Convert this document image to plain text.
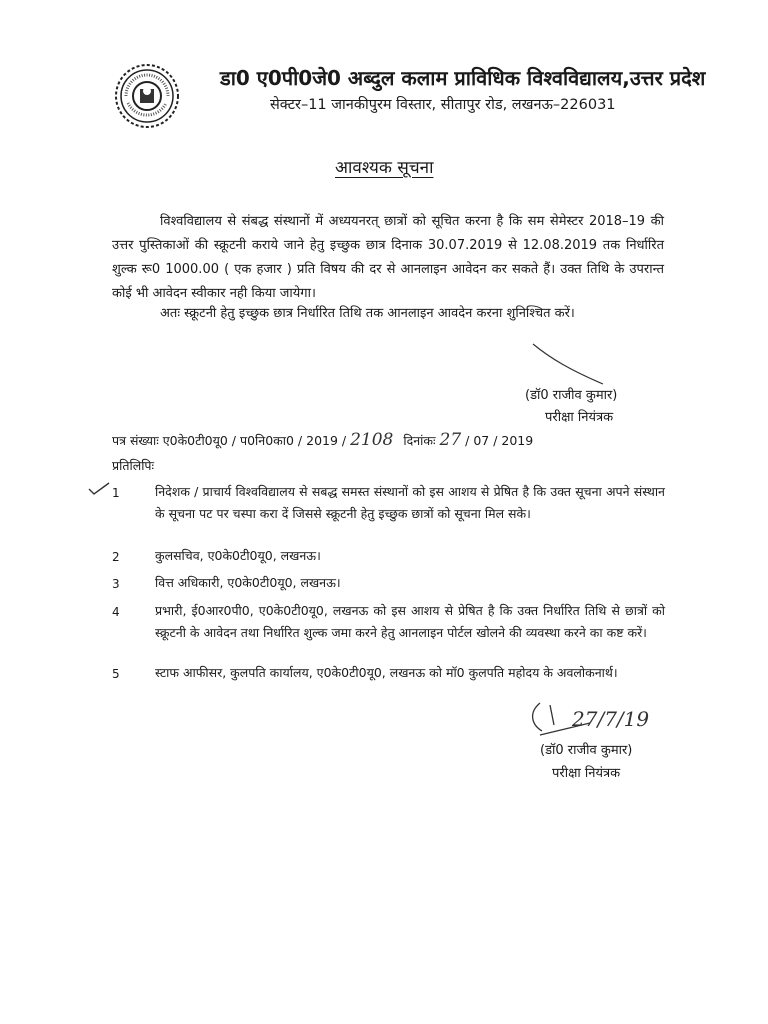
डा0 ए0पी0जे0 अब्दुल कलाम प्राविधिक विश्वविद्यालय,उत्तर प्रदेश
सेक्टर–11 जानकीपुरम विस्तार, सीतापुर रोड, लखनऊ–226031
आवश्यक सूचना
विश्वविद्यालय से संबद्ध संस्थानों में अध्ययनरत् छात्रों को सूचित करना है कि सम सेमेस्टर 2018–19 की उत्तर पुस्तिकाओं की स्क्रूटनी कराये जाने हेतु इच्छुक छात्र दिनाक 30.07.2019 से 12.08.2019 तक निर्धारित शुल्क रू0 1000.00 ( एक हजार ) प्रति विषय की दर से आनलाइन आवेदन कर सकते हैं। उक्त तिथि के उपरान्त कोई भी आवेदन स्वीकार नही किया जायेगा।
अतः स्क्रूटनी हेतु इच्छुक छात्र निर्धारित तिथि तक आनलाइन आवदेन करना शुनिश्चित करें।
(डॉ0 राजीव कुमार)
परीक्षा नियंत्रक
पत्र संख्याः ए0के0टी0यू0 / प0नि0का0 / 2019 / 2108 दिनांकः 27 / 07 / 2019
प्रतिलिपिः
1	निदेशक / प्राचार्य विश्वविद्यालय से सबद्ध समस्त संस्थानों को इस आशय से प्रेषित है कि उक्त सूचना अपने संस्थान के सूचना पट पर चस्पा करा दें जिससे स्क्रूटनी हेतु इच्छुक छात्रों को सूचना मिल सके।
2	कुलसचिव, ए0के0टी0यू0, लखनऊ।
3	वित्त अधिकारी, ए0के0टी0यू0, लखनऊ।
4	प्रभारी, ई0आर0पी0, ए0के0टी0यू0, लखनऊ को इस आशय से प्रेषित है कि उक्त निर्धारित तिथि से छात्रों को स्क्रूटनी के आवेदन तथा निर्धारित शुल्क जमा करने हेतु आनलाइन पोर्टल खोलने की व्यवस्था करने का कष्ट करें।
5	स्टाफ आफीसर, कुलपति कार्यालय, ए0के0टी0यू0, लखनऊ को मॉ0 कुलपति महोदय के अवलोकनार्थ।
27/7/19
(डॉ0 राजीव कुमार)
परीक्षा नियंत्रक
